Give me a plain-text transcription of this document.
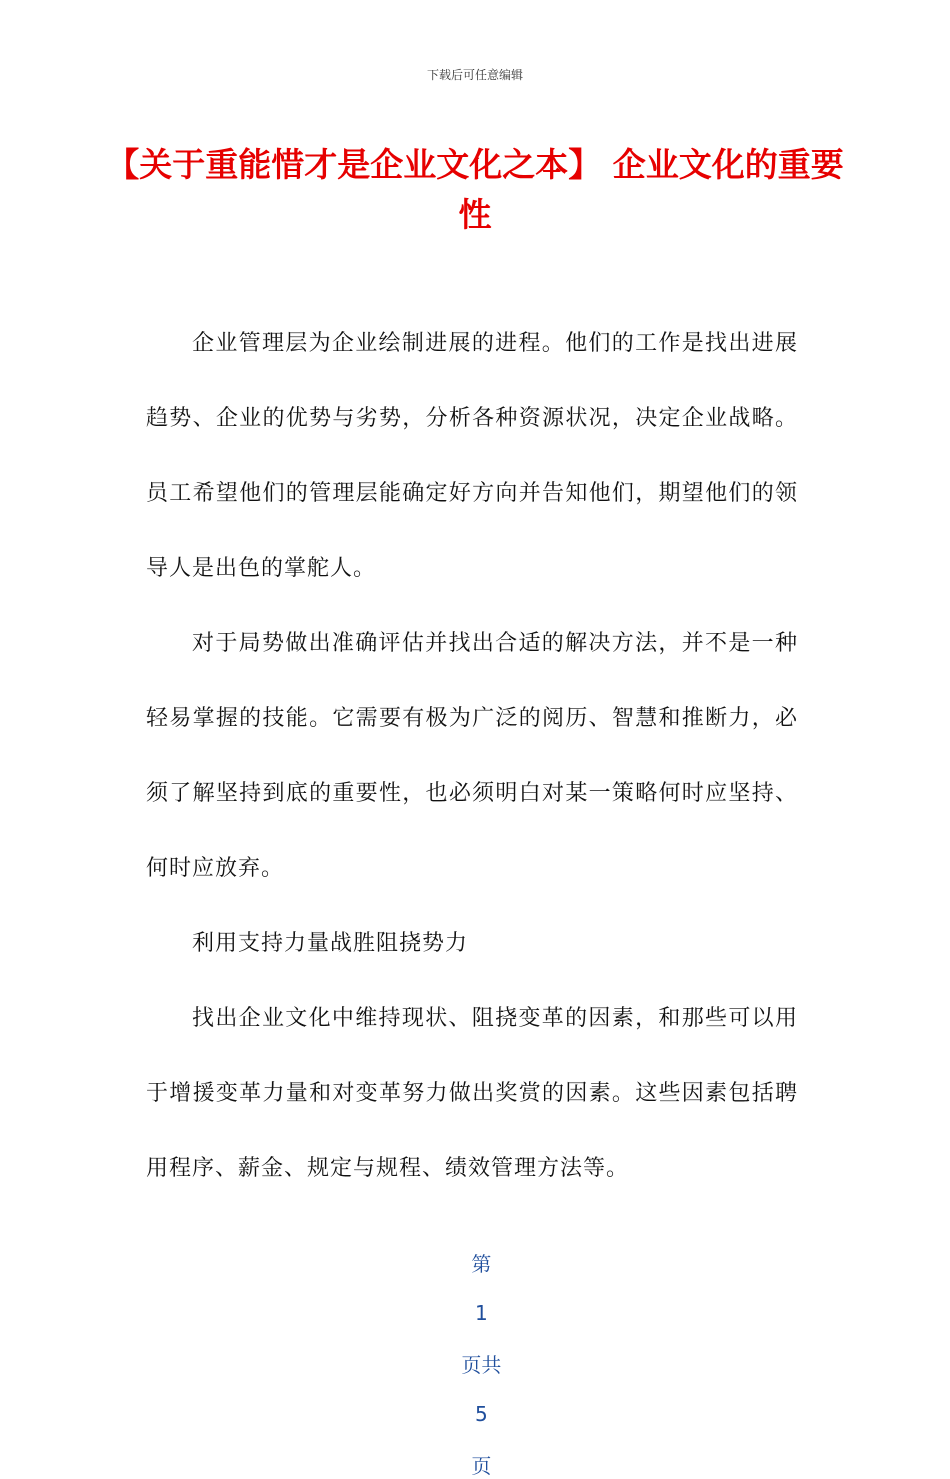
下载后可任意编辑
【关于重能惜才是企业文化之本】 企业文化的重要性

企业管理层为企业绘制进展的进程。他们的工作是找出进展趋势、企业的优势与劣势，分析各种资源状况，决定企业战略。员工希望他们的管理层能确定好方向并告知他们，期望他们的领导人是出色的掌舵人。

对于局势做出准确评估并找出合适的解决方法，并不是一种轻易掌握的技能。它需要有极为广泛的阅历、智慧和推断力，必须了解坚持到底的重要性，也必须明白对某一策略何时应坚持、何时应放弃。

利用支持力量战胜阻挠势力

找出企业文化中维持现状、阻挠变革的因素，和那些可以用于增援变革力量和对变革努力做出奖赏的因素。这些因素包括聘用程序、薪金、规定与规程、绩效管理方法等。

第

1

页共

5

页
